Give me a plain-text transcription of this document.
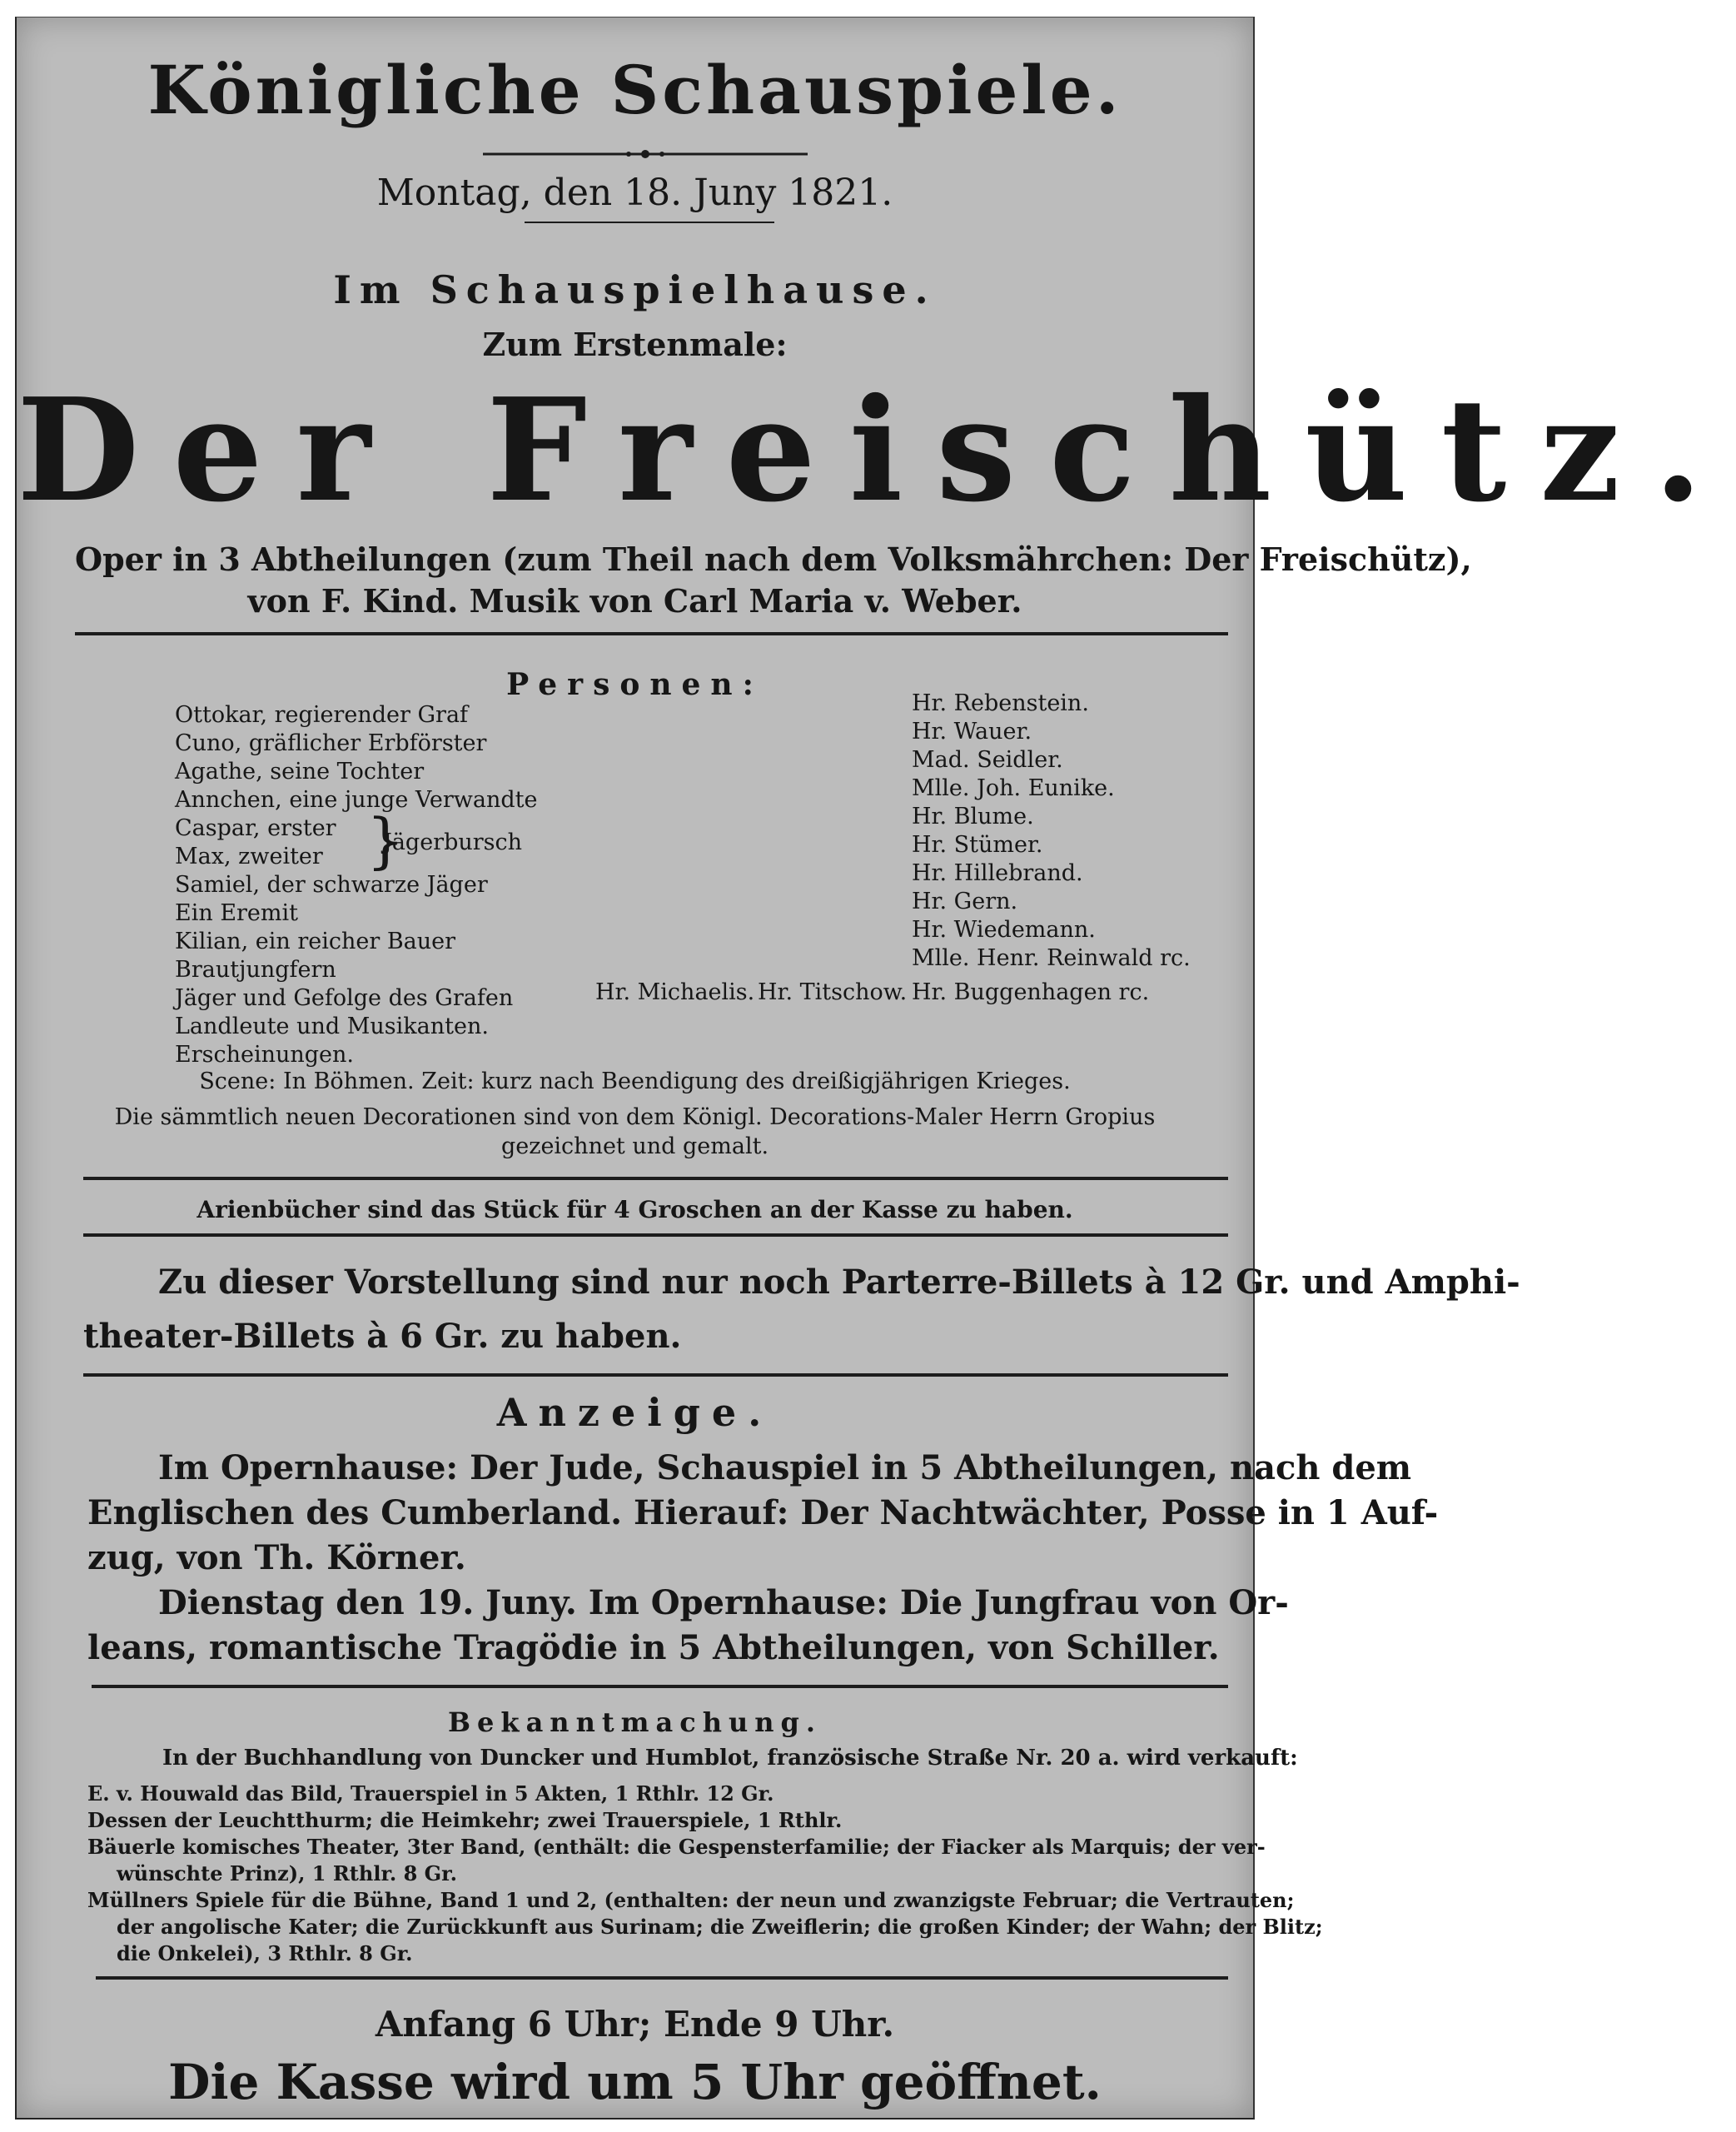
Königliche Schauspiele.
Montag, den 18. Juny 1821.
Im Schauspielhause.
Zum Erstenmale:
Der Freischütz.
Oper in 3 Abtheilungen (zum Theil nach dem Volksmährchen: Der Freischütz),
von F. Kind. Musik von Carl Maria v. Weber.
Personen:
Ottokar, regierender Graf
Cuno, gräflicher Erbförster
Agathe, seine Tochter
Annchen, eine junge Verwandte
Caspar, erster
Max, zweiter
Samiel, der schwarze Jäger
Ein Eremit
Kilian, ein reicher Bauer
Brautjungfern
Jäger und Gefolge des Grafen
Landleute und Musikanten.
Erscheinungen.
}
Jägerbursch
Hr. Rebenstein.
Hr. Wauer.
Mad. Seidler.
Mlle. Joh. Eunike.
Hr. Blume.
Hr. Stümer.
Hr. Hillebrand.
Hr. Gern.
Hr. Wiedemann.
Mlle. Henr. Reinwald rc.
Hr. Buggenhagen rc.
Hr. Michaelis. Hr. Titschow.
Scene: In Böhmen. Zeit: kurz nach Beendigung des dreißigjährigen Krieges.
Die sämmtlich neuen Decorationen sind von dem Königl. Decorations-Maler Herrn Gropius
gezeichnet und gemalt.
Arienbücher sind das Stück für 4 Groschen an der Kasse zu haben.
Zu dieser Vorstellung sind nur noch Parterre-Billets à 12 Gr. und Amphi-
theater-Billets à 6 Gr. zu haben.
Anzeige.
Im Opernhause: Der Jude, Schauspiel in 5 Abtheilungen, nach dem
Englischen des Cumberland. Hierauf: Der Nachtwächter, Posse in 1 Auf-
zug, von Th. Körner.
Dienstag den 19. Juny. Im Opernhause: Die Jungfrau von Or-
leans, romantische Tragödie in 5 Abtheilungen, von Schiller.
Bekanntmachung.
In der Buchhandlung von Duncker und Humblot, französische Straße Nr. 20 a. wird verkauft:
E. v. Houwald das Bild, Trauerspiel in 5 Akten, 1 Rthlr. 12 Gr.
Dessen der Leuchtthurm; die Heimkehr; zwei Trauerspiele, 1 Rthlr.
Bäuerle komisches Theater, 3ter Band, (enthält: die Gespensterfamilie; der Fiacker als Marquis; der ver-
wünschte Prinz), 1 Rthlr. 8 Gr.
Müllners Spiele für die Bühne, Band 1 und 2, (enthalten: der neun und zwanzigste Februar; die Vertrauten;
der angolische Kater; die Zurückkunft aus Surinam; die Zweiflerin; die großen Kinder; der Wahn; der Blitz;
die Onkelei), 3 Rthlr. 8 Gr.
Anfang 6 Uhr; Ende 9 Uhr.
Die Kasse wird um 5 Uhr geöffnet.
